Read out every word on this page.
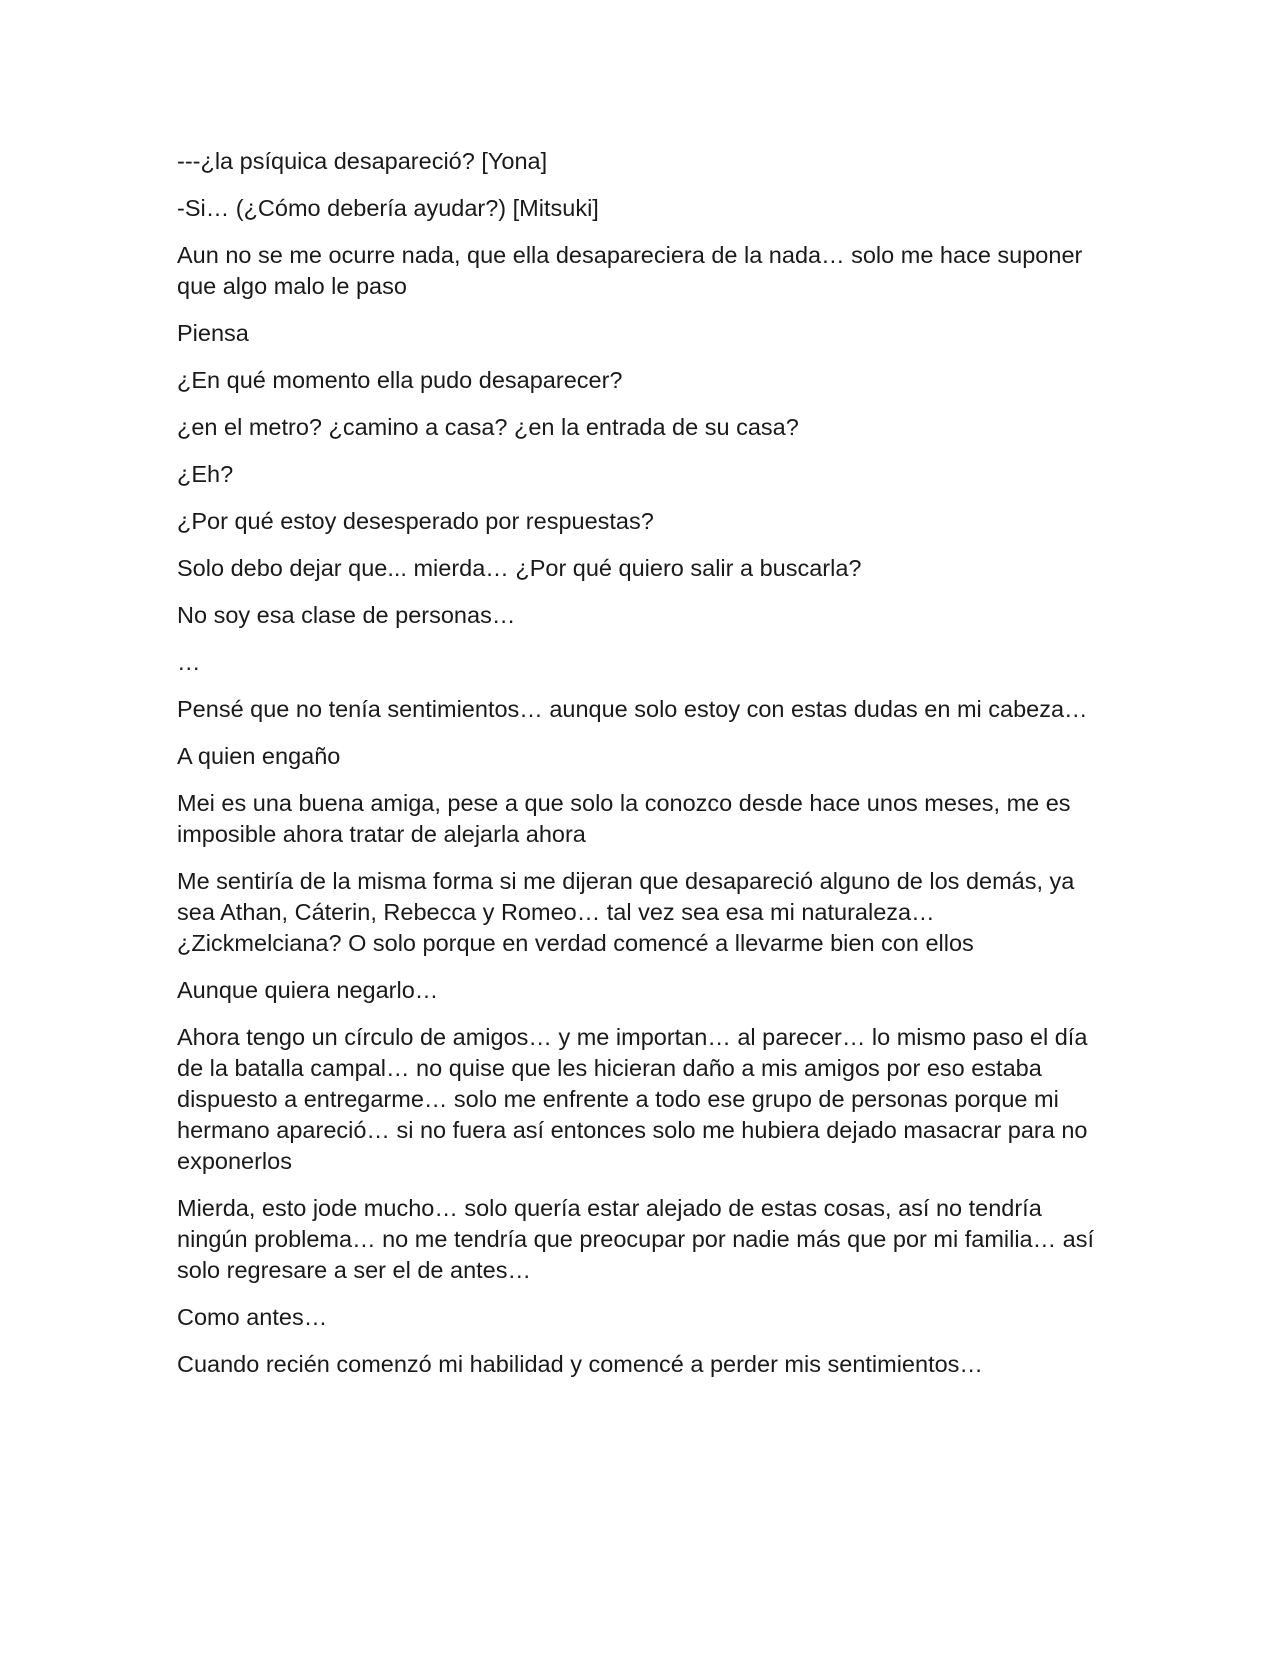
---¿la psíquica desapareció? [Yona]

-Si… (¿Cómo debería ayudar?) [Mitsuki]

Aun no se me ocurre nada, que ella desapareciera de la nada… solo me hace suponer que algo malo le paso

Piensa

¿En qué momento ella pudo desaparecer?

¿en el metro? ¿camino a casa? ¿en la entrada de su casa?

¿Eh?

¿Por qué estoy desesperado por respuestas?

Solo debo dejar que... mierda… ¿Por qué quiero salir a buscarla?

No soy esa clase de personas…

…

Pensé que no tenía sentimientos… aunque solo estoy con estas dudas en mi cabeza…

A quien engaño

Mei es una buena amiga, pese a que solo la conozco desde hace unos meses, me es imposible ahora tratar de alejarla ahora

Me sentiría de la misma forma si me dijeran que desapareció alguno de los demás, ya sea Athan, Cáterin, Rebecca y Romeo… tal vez sea esa mi naturaleza… ¿Zickmelciana? O solo porque en verdad comencé a llevarme bien con ellos

Aunque quiera negarlo…

Ahora tengo un círculo de amigos… y me importan… al parecer… lo mismo paso el día de la batalla campal… no quise que les hicieran daño a mis amigos por eso estaba dispuesto a entregarme… solo me enfrente a todo ese grupo de personas porque mi hermano apareció… si no fuera así entonces solo me hubiera dejado masacrar para no exponerlos

Mierda, esto jode mucho… solo quería estar alejado de estas cosas, así no tendría ningún problema… no me tendría que preocupar por nadie más que por mi familia… así solo regresare a ser el de antes…

Como antes…

Cuando recién comenzó mi habilidad y comencé a perder mis sentimientos…
